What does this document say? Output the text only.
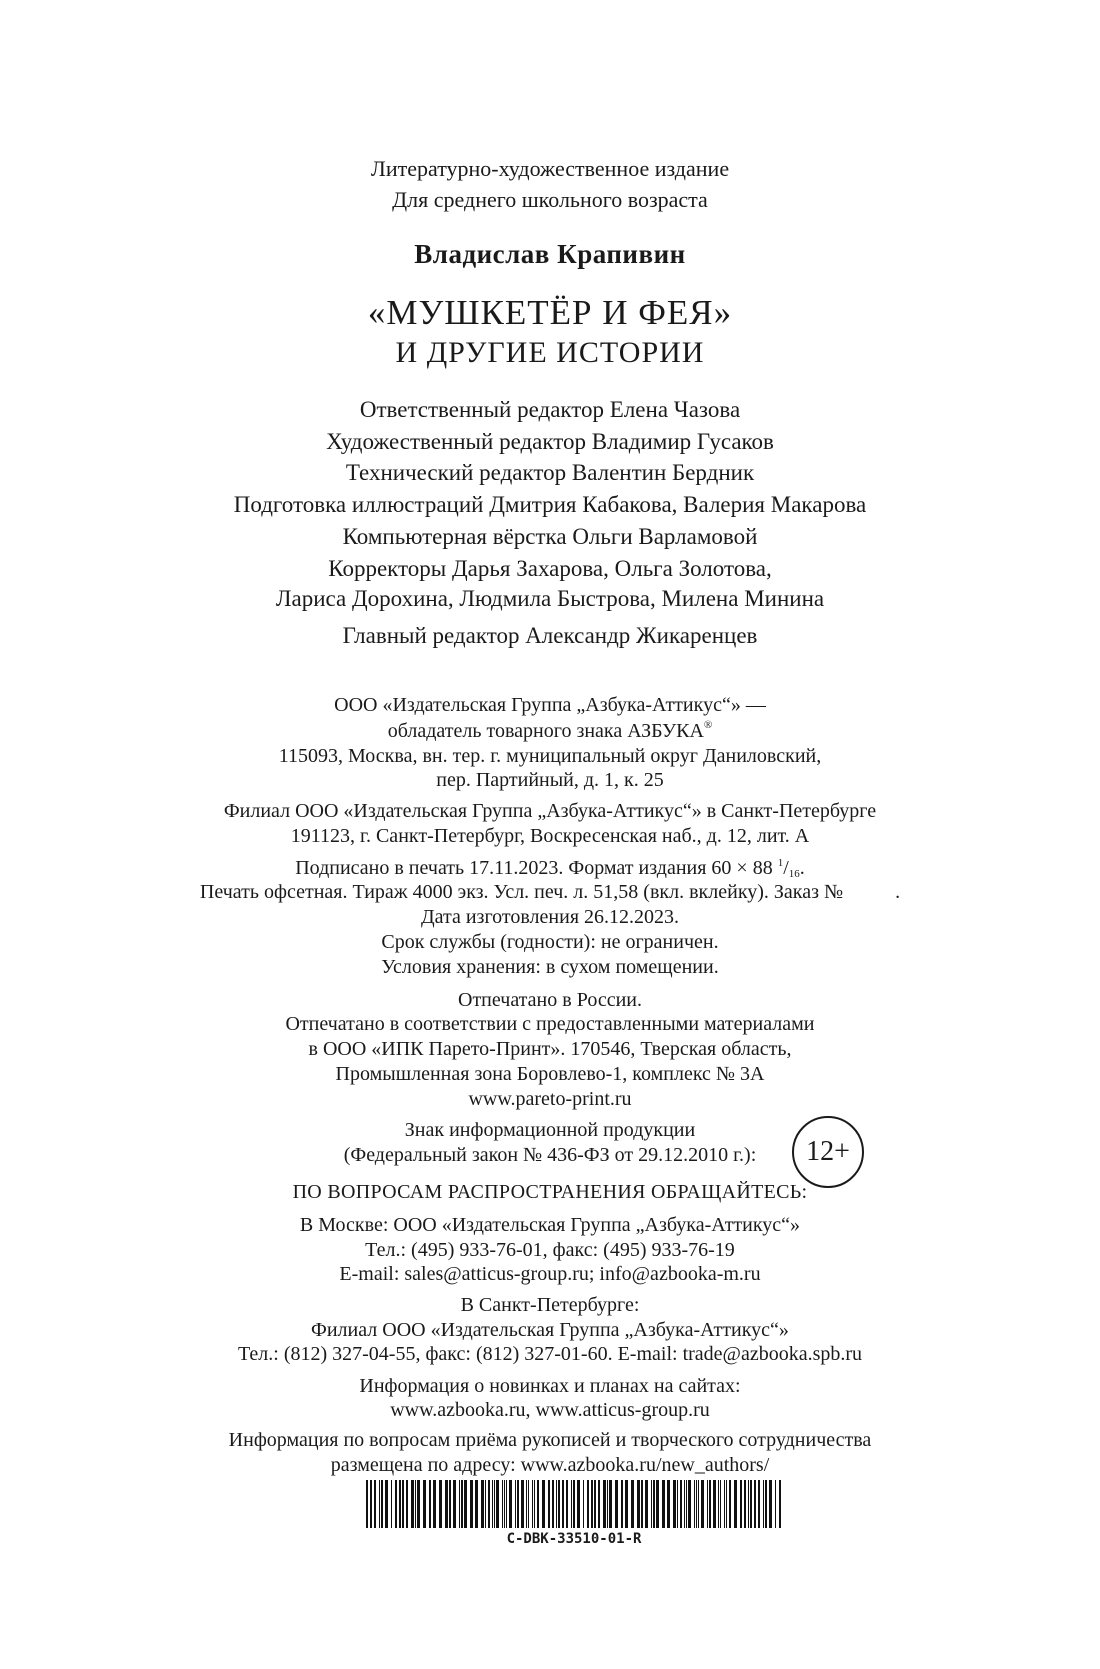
Литературно-художественное издание
Для среднего школьного возраста
Владислав Крапивин
«МУШКЕТЁР И ФЕЯ»
И ДРУГИЕ ИСТОРИИ
Ответственный редактор Елена Чазова
Художественный редактор Владимир Гусаков
Технический редактор Валентин Бердник
Подготовка иллюстраций Дмитрия Кабакова, Валерия Макарова
Компьютерная вёрстка Ольги Варламовой
Корректоры Дарья Захарова, Ольга Золотова,
Лариса Дорохина, Людмила Быстрова, Милена Минина
Главный редактор Александр Жикаренцев
ООО «Издательская Группа „Азбука-Аттикус“» —
обладатель товарного знака АЗБУКА®
115093, Москва, вн. тер. г. муниципальный округ Даниловский,
пер. Партийный, д. 1, к. 25
Филиал ООО «Издательская Группа „Азбука-Аттикус“» в Санкт-Петербурге
191123, г. Санкт-Петербург, Воскресенская наб., д. 12, лит. А
Подписано в печать 17.11.2023. Формат издания 60 × 88 $^1$/16.
Печать офсетная. Тираж 4000 экз. Усл. печ. л. 51,58 (вкл. вклейку). Заказ №	.
Дата изготовления 26.12.2023.
Срок службы (годности): не ограничен.
Условия хранения: в сухом помещении.
Отпечатано в России.
Отпечатано в соответствии с предоставленными материалами
в ООО «ИПК Парето-Принт». 170546, Тверская область,
Промышленная зона Боровлево-1, комплекс № 3А
www.pareto-print.ru
Знак информационной продукции
(Федеральный закон № 436-ФЗ от 29.12.2010 г.):	12+
ПО ВОПРОСАМ РАСПРОСТРАНЕНИЯ ОБРАЩАЙТЕСЬ:
В Москве: ООО «Издательская Группа „Азбука-Аттикус“»
Тел.: (495) 933-76-01, факс: (495) 933-76-19
E-mail: sales@atticus-group.ru; info@azbooka-m.ru
В Санкт-Петербурге:
Филиал ООО «Издательская Группа „Азбука-Аттикус“»
Тел.: (812) 327-04-55, факс: (812) 327-01-60. E-mail: trade@azbooka.spb.ru
Информация о новинках и планах на сайтах:
www.azbooka.ru, www.atticus-group.ru
Информация по вопросам приёма рукописей и творческого сотрудничества
размещена по адресу: www.azbooka.ru/new_authors/
C-DBK-33510-01-R
